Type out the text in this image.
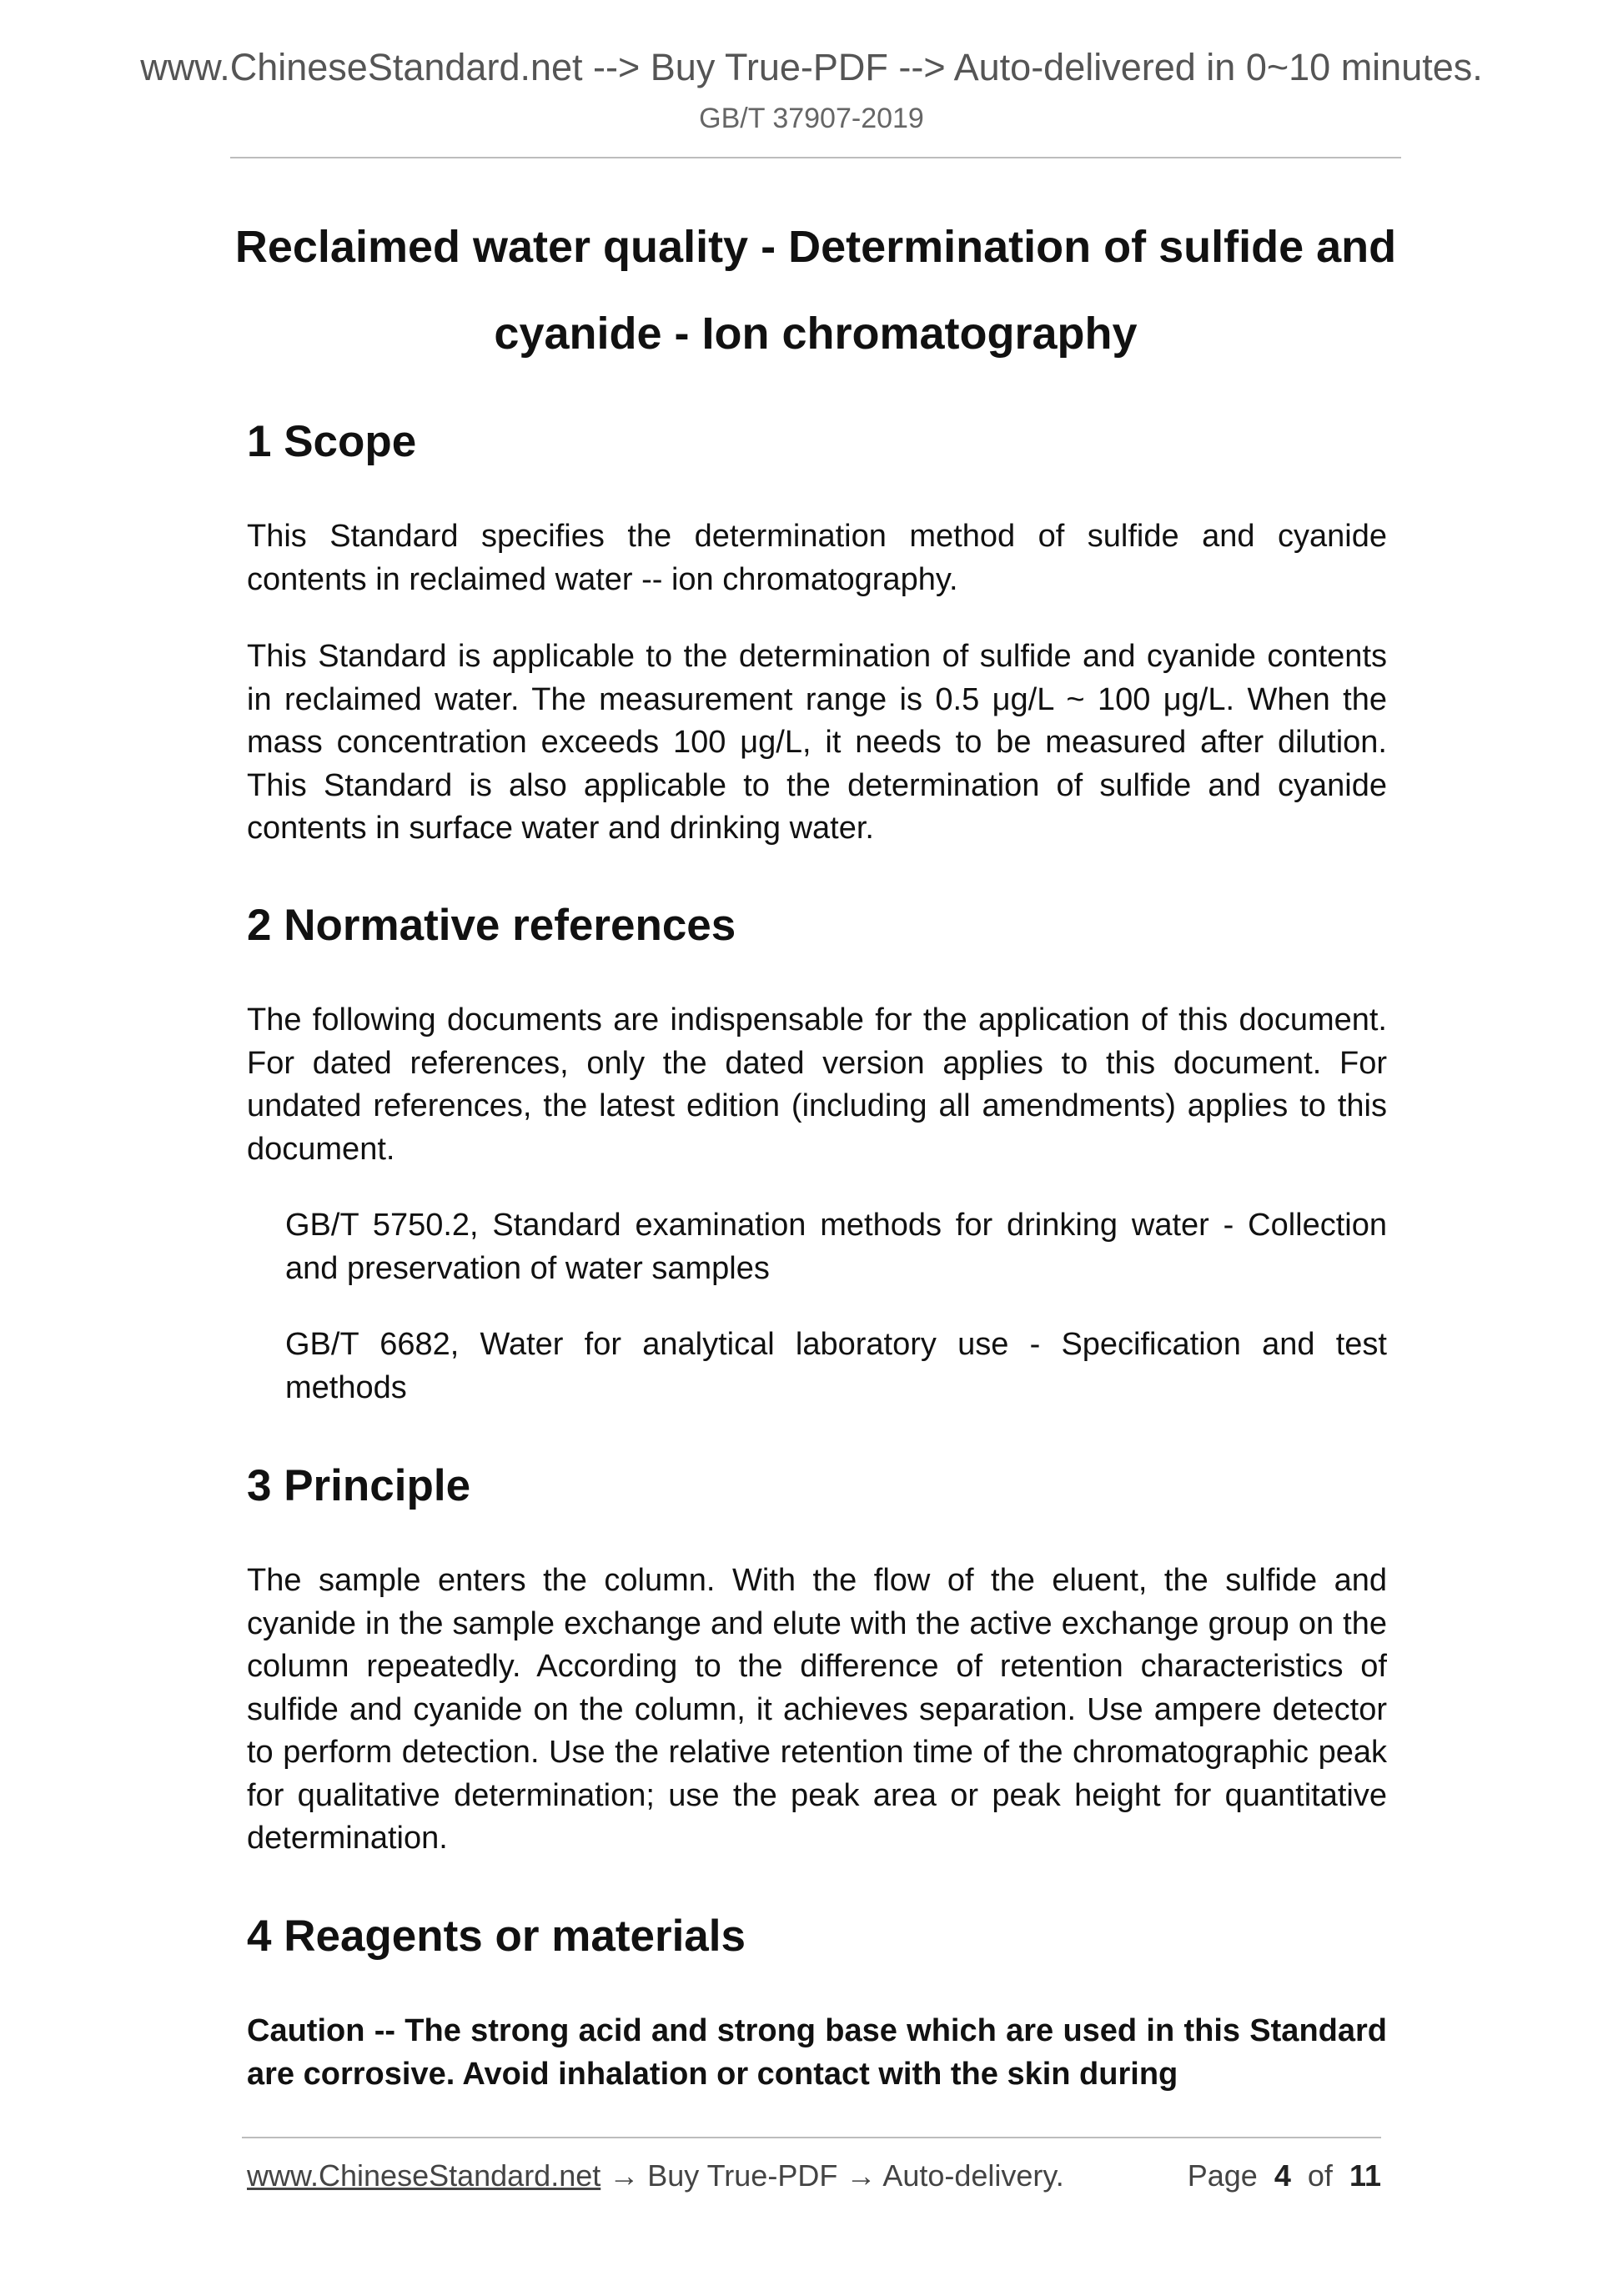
www.ChineseStandard.net --> Buy True-PDF --> Auto-delivered in 0~10 minutes.
GB/T 37907-2019
Reclaimed water quality - Determination of sulfide and
cyanide - Ion chromatography
1 Scope

This Standard specifies the determination method of sulfide and cyanide contents in reclaimed water -- ion chromatography.

This Standard is applicable to the determination of sulfide and cyanide contents in reclaimed water. The measurement range is 0.5 μg/L ~ 100 μg/L. When the mass concentration exceeds 100 μg/L, it needs to be measured after dilution. This Standard is also applicable to the determination of sulfide and cyanide contents in surface water and drinking water.

2 Normative references

The following documents are indispensable for the application of this document. For dated references, only the dated version applies to this document. For undated references, the latest edition (including all amendments) applies to this document.

GB/T 5750.2, Standard examination methods for drinking water - Collection and preservation of water samples

GB/T 6682, Water for analytical laboratory use - Specification and test methods

3 Principle

The sample enters the column. With the flow of the eluent, the sulfide and cyanide in the sample exchange and elute with the active exchange group on the column repeatedly. According to the difference of retention characteristics of sulfide and cyanide on the column, it achieves separation. Use ampere detector to perform detection. Use the relative retention time of the chromatographic peak for qualitative determination; use the peak area or peak height for quantitative determination.

4 Reagents or materials

Caution -- The strong acid and strong base which are used in this Standard are corrosive. Avoid inhalation or contact with the skin during

www.ChineseStandard.net → Buy True-PDF → Auto-delivery.	Page 4 of 11
